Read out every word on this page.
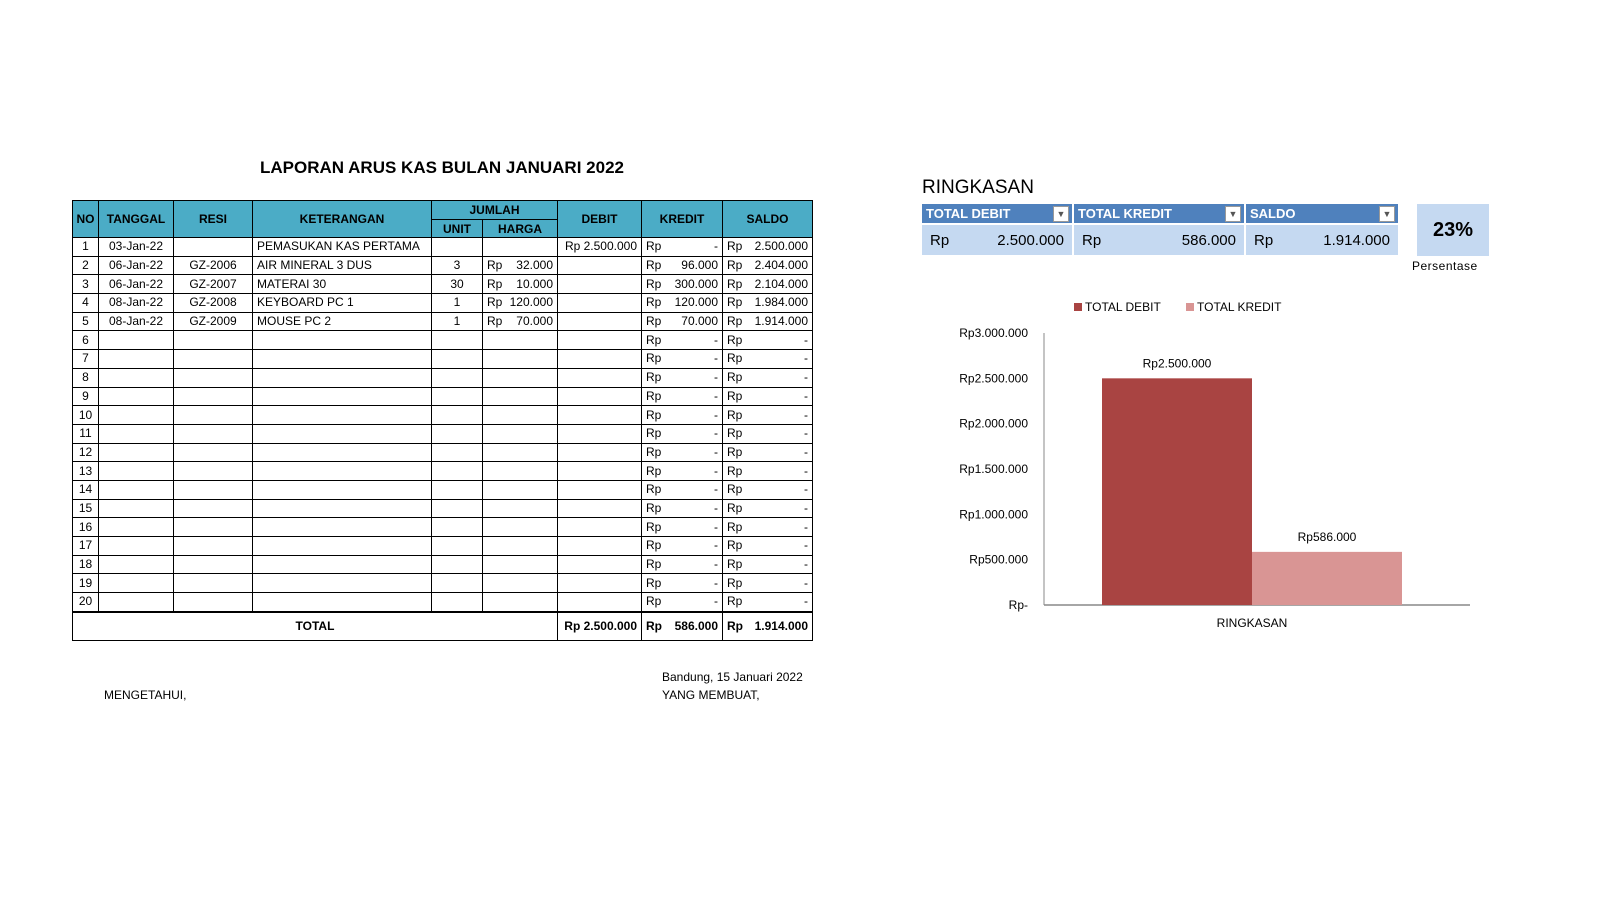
LAPORAN ARUS KAS BULAN JANUARI 2022
NO	TANGGAL	RESI	KETERANGAN	JUMLAH		DEBIT	KREDIT	SALDO
				UNIT	HARGA			
1	03-Jan-22		PEMASUKAN KAS PERTAMA			Rp 2.500.000	Rp -	Rp 2.500.000

2	06-Jan-22	GZ-2006	AIR MINERAL 3 DUS	3	Rp 32.000		Rp 96.000	Rp 2.404.000

3	06-Jan-22	GZ-2007	MATERAI 30	30	Rp 10.000		Rp 300.000	Rp 2.104.000

4	08-Jan-22	GZ-2008	KEYBOARD PC 1	1	Rp 120.000		Rp 120.000	Rp 1.984.000

5	08-Jan-22	GZ-2009	MOUSE PC 2	1	Rp 70.000		Rp 70.000	Rp 1.914.000

6							Rp -	Rp -

7							Rp -	Rp -

8							Rp -	Rp -

9							Rp -	Rp -

10							Rp -	Rp -

11							Rp -	Rp -

12							Rp -	Rp -

13							Rp -	Rp -

14							Rp -	Rp -

15							Rp -	Rp -

16							Rp -	Rp -

17							Rp -	Rp -

18							Rp -	Rp -

19							Rp -	Rp -

20							Rp -	Rp -

TOTAL						Rp 2.500.000	Rp 586.000	Rp 1.914.000
MENGETAHUI,
Bandung, 15 Januari 2022
YANG MEMBUAT,
RINGKASAN
TOTAL DEBIT	▼
Rp	2.500.000
TOTAL KREDIT	▼
Rp	586.000
SALDO	▼
Rp	1.914.000	23%
Persentase
Rp-
Rp500.000
Rp1.000.000
Rp1.500.000
Rp2.000.000
Rp2.500.000
Rp3.000.000
Rp2.500.000
Rp586.000
RINGKASAN
TOTAL DEBIT	TOTAL KREDIT
